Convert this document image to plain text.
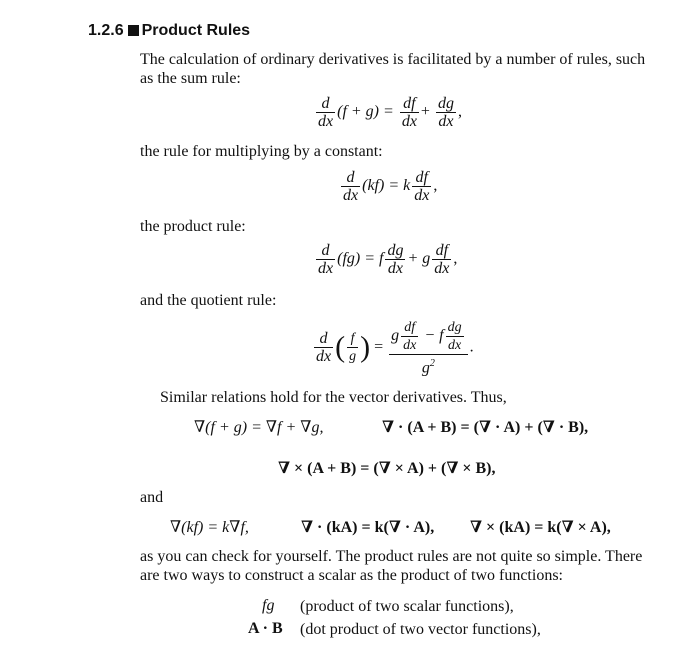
1.2.6 Product Rules
The calculation of ordinary derivatives is facilitated by a number of rules, such as the sum rule:
$\frac{d}{dx} (f + g) = \frac{df}{dx} + \frac{dg}{dx}$ ,
the rule for multiplying by a constant:
$\frac{d}{dx} (kf) = k \frac{df}{dx}$ ,
the product rule:
$\frac{d}{dx} (fg) = f \frac{dg}{dx} + g \frac{df}{dx}$ ,
and the quotient rule:
$\frac{d}{dx}$ ( $\frac{f}{g}$ ) = $\frac{g \frac{df}{dx} - f \frac{dg}{dx}}{g^2}$ .
Similar relations hold for the vector derivatives. Thus,
∇(f + g) = ∇f + ∇g,	∇ · (A + B) = (∇ · A) + (∇ · B),
∇ × (A + B) = (∇ × A) + (∇ × B),
and
∇(kf) = k∇f,	∇ · (kA) = k(∇ · A), ∇ × (kA) = k(∇ × A),
as you can check for yourself. The product rules are not quite so simple. There are two ways to construct a scalar as the product of two functions:
fg (product of two scalar functions),
A · B (dot product of two vector functions),
